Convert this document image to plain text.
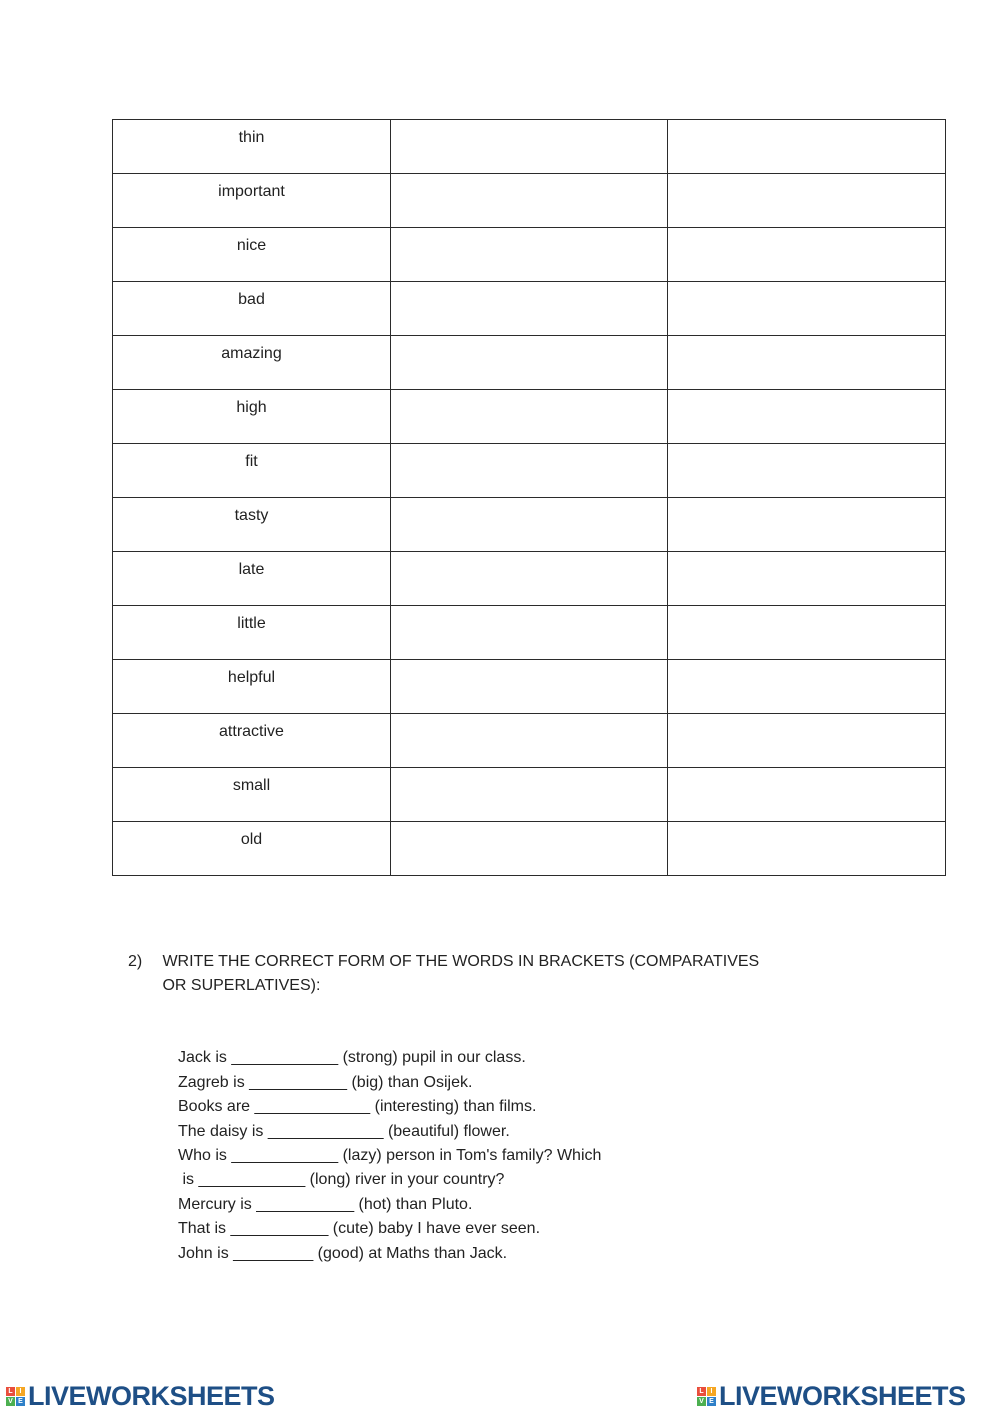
thin		
important		
nice		
bad		
amazing		
high		
fit		
tasty		
late		
little		
helpful		
attractive		
small		
old		
2) WRITE THE CORRECT FORM OF THE WORDS IN BRACKETS (COMPARATIVES OR SUPERLATIVES):

Jack is ____________ (strong) pupil in our class.
Zagreb is ___________ (big) than Osijek.
Books are _____________ (interesting) than films.
The daisy is _____________ (beautiful) flower.
Who is ____________ (lazy) person in Tom's family? Which
is ____________ (long) river in your country?
Mercury is ___________ (hot) than Pluto.
That is ___________ (cute) baby I have ever seen.
John is _________ (good) at Maths than Jack.
L I
V E LIVEWORKSHEETS	L I
V E LIVEWORKSHEETS
